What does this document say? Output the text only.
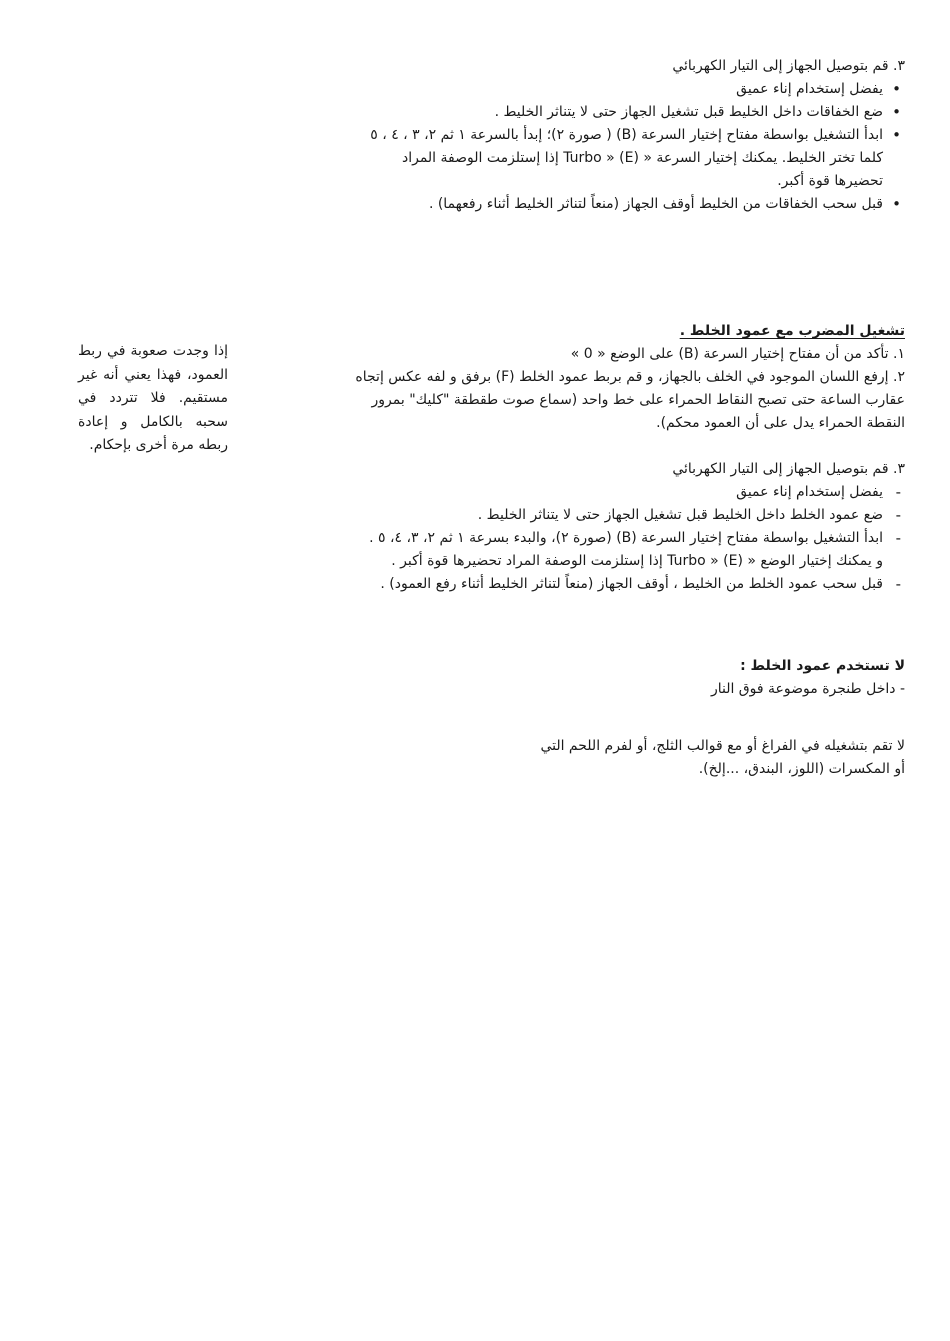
٣. قم بتوصيل الجهاز إلى التيار الكهربائي
•
يفضل إستخدام إناء عميق
•
ضع الخفاقات داخل الخليط قبل تشغيل الجهاز حتى لا يتناثر الخليط .
•
ابدأ التشغيل بواسطة مفتاح إختيار السرعة (B) ( صورة ٢)؛ إبدأ بالسرعة ١ ثم ٢، ٣ ، ٤ ، ٥
كلما تختر الخليط. يمكنك إختيار السرعة « Turbo » (E) إذا إستلزمت الوصفة المراد
تحضيرها قوة أكبر.
•
قبل سحب الخفاقات من الخليط أوقف الجهاز (منعاً لتناثر الخليط أثناء رفعهما) .
تشغيل المضرب مع عمود الخلط .
١. تأكد من أن مفتاح إختيار السرعة (B) على الوضع « 0 »
٢. إرفع اللسان الموجود في الخلف بالجهاز، و قم بربط عمود الخلط (F) برفق و لفه عكس إتجاه
عقارب الساعة حتى تصبح النقاط الحمراء على خط واحد (سماع صوت طقطقة "كليك" بمرور
النقطة الحمراء يدل على أن العمود محكم).
٣. قم بتوصيل الجهاز إلى التيار الكهربائي
-
يفضل إستخدام إناء عميق
-
ضع عمود الخلط داخل الخليط قبل تشغيل الجهاز حتى لا يتناثر الخليط .
-
ابدأ التشغيل بواسطة مفتاح إختيار السرعة (B) (صورة ٢)، والبدء بسرعة ١ ثم ٢، ٣، ٤، ٥ .
و يمكنك إختيار الوضع « Turbo » (E) إذا إستلزمت الوصفة المراد تحضيرها قوة أكبر .
-
قبل سحب عمود الخلط من الخليط ، أوقف الجهاز (منعاً لتناثر الخليط أثناء رفع العمود) .
لا تستخدم عمود الخلط :
- داخل طنجرة موضوعة فوق النار
لا تقم بتشغيله في الفراغ أو مع قوالب الثلج، أو لفرم اللحم التي
أو المكسرات (اللوز، البندق، ...إلخ).
إذا وجدت صعوبة في ربط العمود، فهذا يعني أنه غير مستقيم. فلا تتردد في سحبه بالكامل و إعادة ربطه مرة أخرى بإحكام.
